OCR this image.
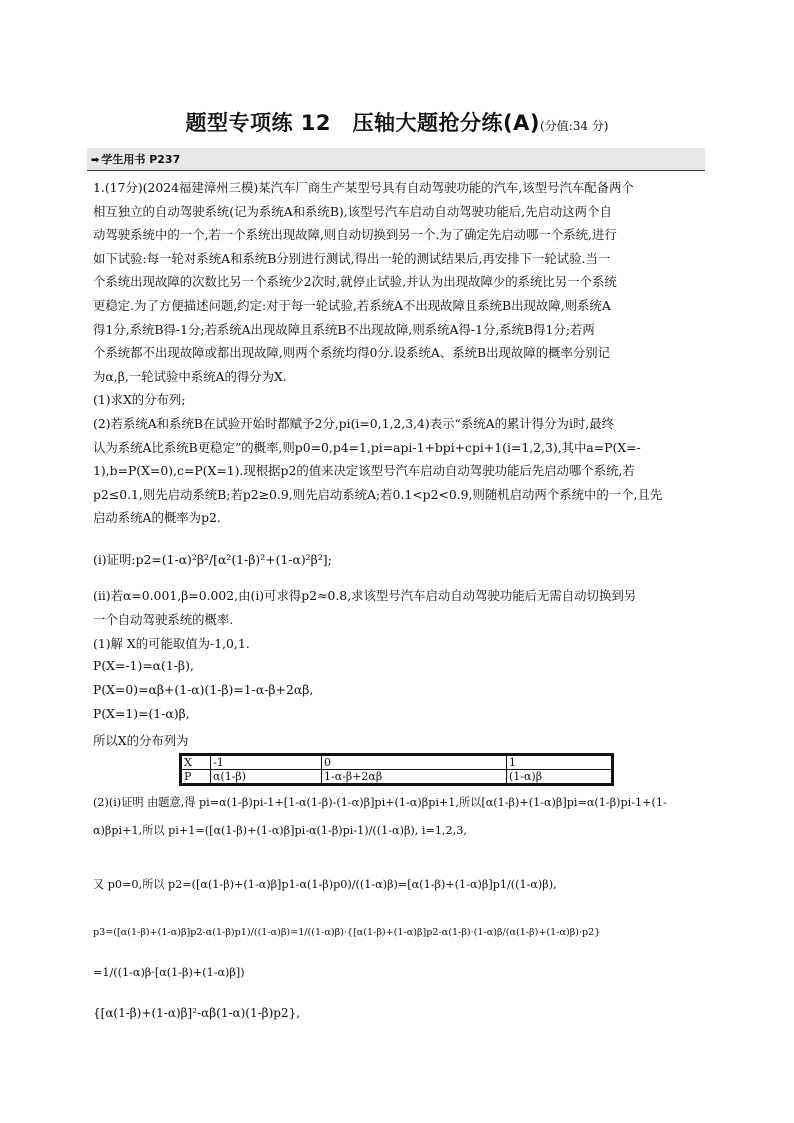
题型专项练 12　压轴大题抢分练(A)(分值:34 分)
➡ 学生用书 P237
1.(17分)(2024福建漳州三模)某汽车厂商生产某型号具有自动驾驶功能的汽车,该型号汽车配备两个
相互独立的自动驾驶系统(记为系统A和系统B),该型号汽车启动自动驾驶功能后,先启动这两个自
动驾驶系统中的一个,若一个系统出现故障,则自动切换到另一个.为了确定先启动哪一个系统,进行
如下试验:每一轮对系统A和系统B分别进行测试,得出一轮的测试结果后,再安排下一轮试验.当一
个系统出现故障的次数比另一个系统少2次时,就停止试验,并认为出现故障少的系统比另一个系统
更稳定.为了方便描述问题,约定:对于每一轮试验,若系统A不出现故障且系统B出现故障,则系统A
得1分,系统B得-1分;若系统A出现故障且系统B不出现故障,则系统A得-1分,系统B得1分;若两
个系统都不出现故障或都出现故障,则两个系统均得0分.设系统A、系统B出现故障的概率分别记
为α,β,一轮试验中系统A的得分为X.
(1)求X的分布列;
(2)若系统A和系统B在试验开始时都赋予2分,pi(i=0,1,2,3,4)表示“系统A的累计得分为i时,最终
认为系统A比系统B更稳定”的概率,则p0=0,p4=1,pi=api-1+bpi+cpi+1(i=1,2,3),其中a=P(X=-
1),b=P(X=0),c=P(X=1).现根据p2的值来决定该型号汽车启动自动驾驶功能后先启动哪个系统,若
p2≤0.1,则先启动系统B;若p2≥0.9,则先启动系统A;若0.1<p2<0.9,则随机启动两个系统中的一个,且先
启动系统A的概率为p2.
(ⅰ)证明:p2=(1-α)²β²/[α²(1-β)²+(1-α)²β²];
(ⅱ)若α=0.001,β=0.002,由(ⅰ)可求得p2≈0.8,求该型号汽车启动自动驾驶功能后无需自动切换到另
一个自动驾驶系统的概率.
(1)解 X的可能取值为-1,0,1.
P(X=-1)=α(1-β),
P(X=0)=αβ+(1-α)(1-β)=1-α-β+2αβ,
P(X=1)=(1-α)β,
所以X的分布列为
X	-1	0	1
P	α(1-β)	1-α-β+2αβ	(1-α)β
(2)(ⅰ)证明 由题意,得 pi=α(1-β)pi-1+[1-α(1-β)-(1-α)β]pi+(1-α)βpi+1,所以[α(1-β)+(1-α)β]pi=α(1-β)pi-1+(1-
α)βpi+1,所以 pi+1=([α(1-β)+(1-α)β]pi-α(1-β)pi-1)/((1-α)β), i=1,2,3,
又 p0=0,所以 p2=([α(1-β)+(1-α)β]p1-α(1-β)p0)/((1-α)β)=[α(1-β)+(1-α)β]p1/((1-α)β),
p3=([α(1-β)+(1-α)β]p2-α(1-β)p1)/((1-α)β)=1/((1-α)β)·{[α(1-β)+(1-α)β]p2-α(1-β)·(1-α)β/(α(1-β)+(1-α)β)·p2}
=1/((1-α)β·[α(1-β)+(1-α)β])
{[α(1-β)+(1-α)β]²-αβ(1-α)(1-β)p2},
